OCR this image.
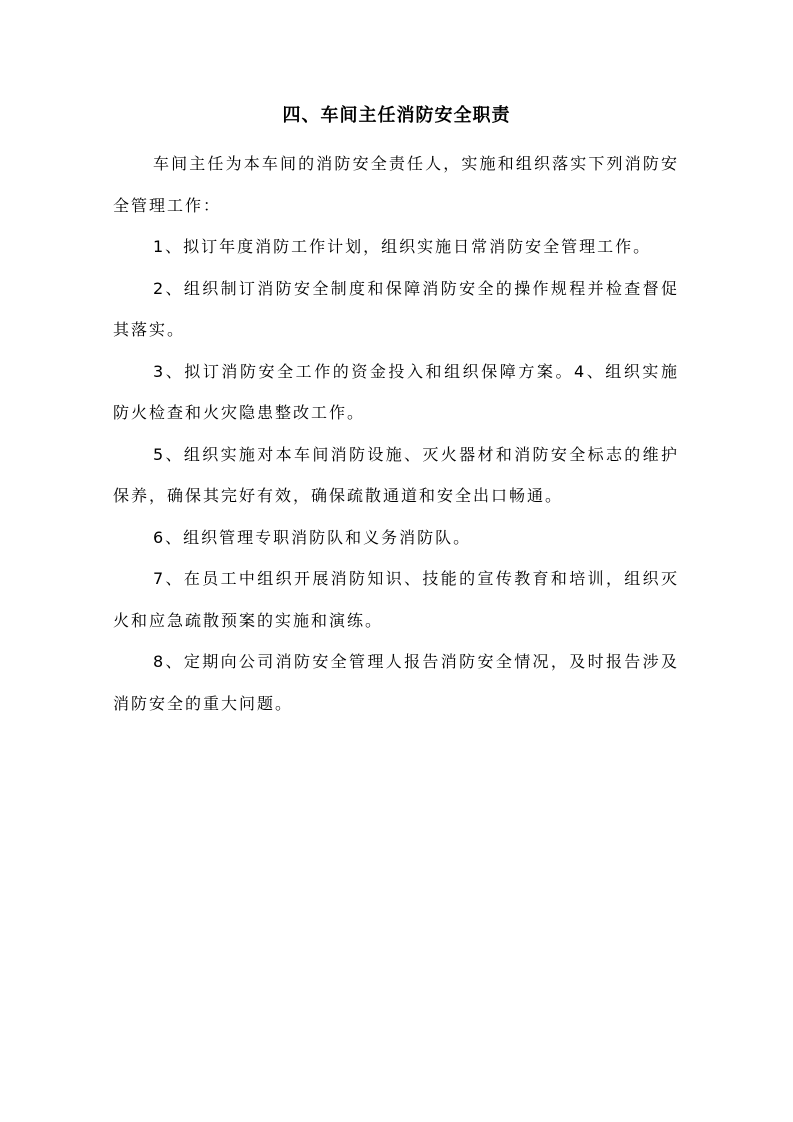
四、车间主任消防安全职责

车间主任为本车间的消防安全责任人，实施和组织落实下列消防安全管理工作：

1、拟订年度消防工作计划，组织实施日常消防安全管理工作。

2、组织制订消防安全制度和保障消防安全的操作规程并检查督促其落实。

3、拟订消防安全工作的资金投入和组织保障方案。4、组织实施防火检查和火灾隐患整改工作。

5、组织实施对本车间消防设施、灭火器材和消防安全标志的维护保养，确保其完好有效，确保疏散通道和安全出口畅通。

6、组织管理专职消防队和义务消防队。

7、在员工中组织开展消防知识、技能的宣传教育和培训，组织灭火和应急疏散预案的实施和演练。

8、定期向公司消防安全管理人报告消防安全情况，及时报告涉及消防安全的重大问题。
